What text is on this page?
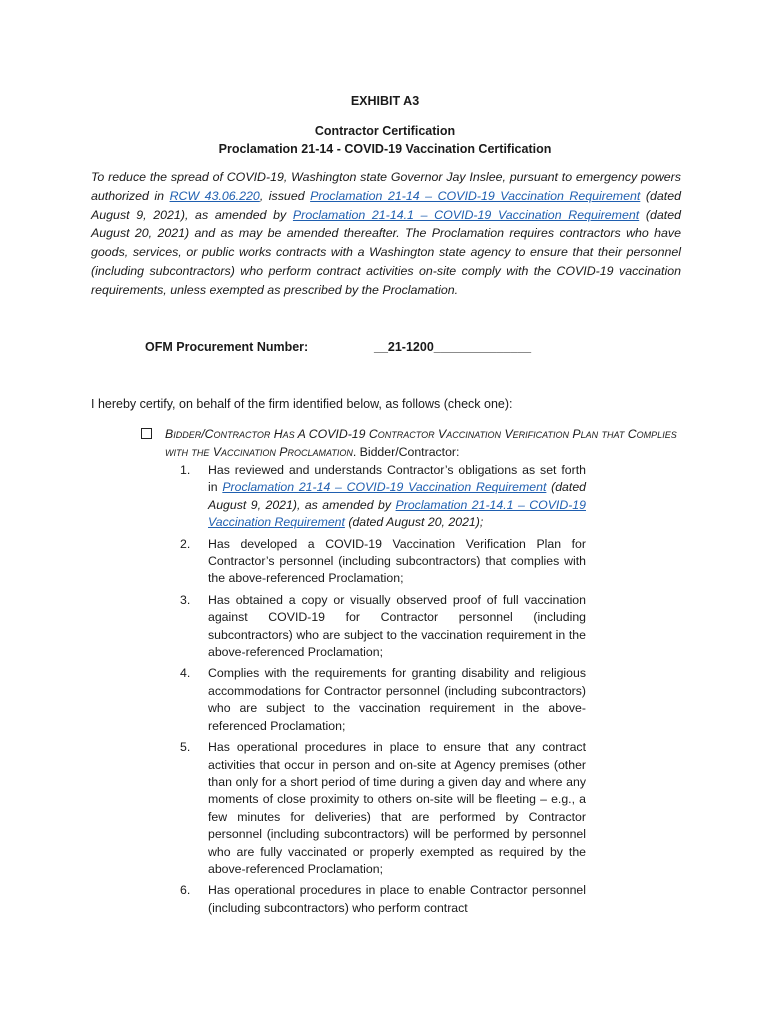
EXHIBIT A3
Contractor Certification
Proclamation 21-14 - COVID-19 Vaccination Certification
To reduce the spread of COVID-19, Washington state Governor Jay Inslee, pursuant to emergency powers authorized in RCW 43.06.220, issued Proclamation 21-14 – COVID-19 Vaccination Requirement (dated August 9, 2021), as amended by Proclamation 21-14.1 – COVID-19 Vaccination Requirement (dated August 20, 2021) and as may be amended thereafter. The Proclamation requires contractors who have goods, services, or public works contracts with a Washington state agency to ensure that their personnel (including subcontractors) who perform contract activities on-site comply with the COVID-19 vaccination requirements, unless exempted as prescribed by the Proclamation.
OFM Procurement Number:	__21-1200______________
I hereby certify, on behalf of the firm identified below, as follows (check one):
Bidder/Contractor Has A COVID-19 Contractor Vaccination Verification Plan that Complies with the Vaccination Proclamation. Bidder/Contractor:
1. Has reviewed and understands Contractor’s obligations as set forth in Proclamation 21-14 – COVID-19 Vaccination Requirement (dated August 9, 2021), as amended by Proclamation 21-14.1 – COVID-19 Vaccination Requirement (dated August 20, 2021);
2. Has developed a COVID-19 Vaccination Verification Plan for Contractor’s personnel (including subcontractors) that complies with the above-referenced Proclamation;
3. Has obtained a copy or visually observed proof of full vaccination against COVID-19 for Contractor personnel (including subcontractors) who are subject to the vaccination requirement in the above-referenced Proclamation;
4. Complies with the requirements for granting disability and religious accommodations for Contractor personnel (including subcontractors) who are subject to the vaccination requirement in the above-referenced Proclamation;
5. Has operational procedures in place to ensure that any contract activities that occur in person and on-site at Agency premises (other than only for a short period of time during a given day and where any moments of close proximity to others on-site will be fleeting – e.g., a few minutes for deliveries) that are performed by Contractor personnel (including subcontractors) will be performed by personnel who are fully vaccinated or properly exempted as required by the above-referenced Proclamation;
6. Has operational procedures in place to enable Contractor personnel (including subcontractors) who perform contract
